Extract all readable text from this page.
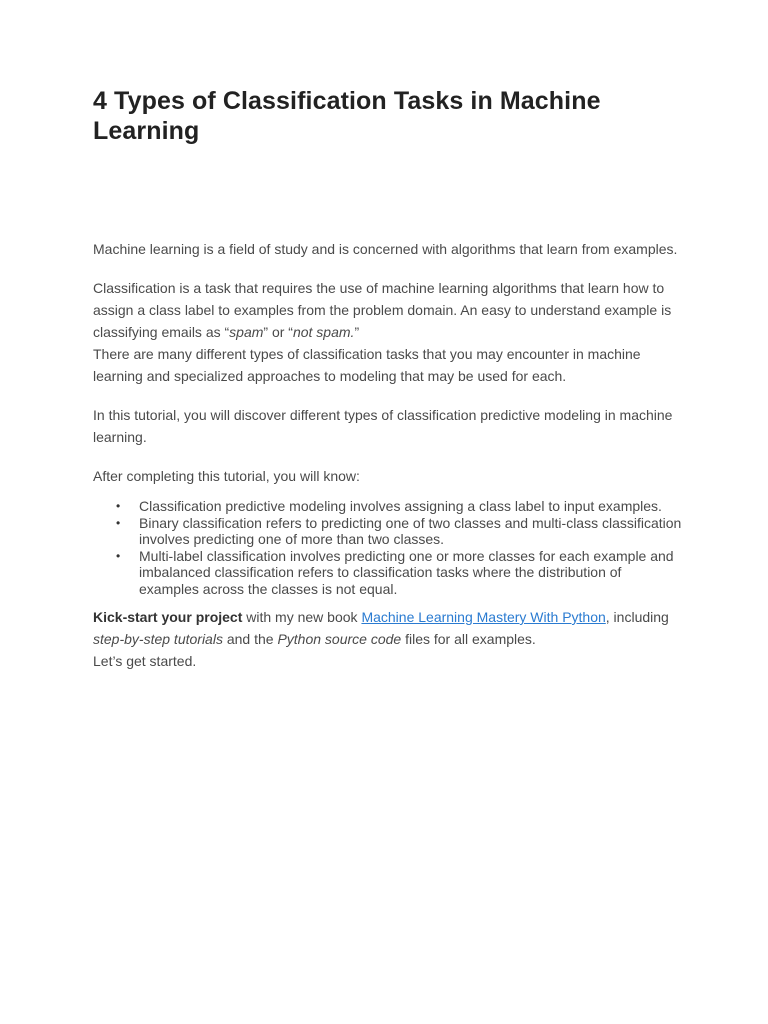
4 Types of Classification Tasks in Machine Learning

Machine learning is a field of study and is concerned with algorithms that learn from examples.

Classification is a task that requires the use of machine learning algorithms that learn how to assign a class label to examples from the problem domain. An easy to understand example is classifying emails as “spam” or “not spam.”

There are many different types of classification tasks that you may encounter in machine learning and specialized approaches to modeling that may be used for each.

In this tutorial, you will discover different types of classification predictive modeling in machine learning.

After completing this tutorial, you will know:

• Classification predictive modeling involves assigning a class label to input examples.
• Binary classification refers to predicting one of two classes and multi-class classification involves predicting one of more than two classes.
• Multi-label classification involves predicting one or more classes for each example and imbalanced classification refers to classification tasks where the distribution of examples across the classes is not equal.

Kick-start your project with my new book Machine Learning Mastery With Python, including step-by-step tutorials and the Python source code files for all examples.

Let’s get started.
